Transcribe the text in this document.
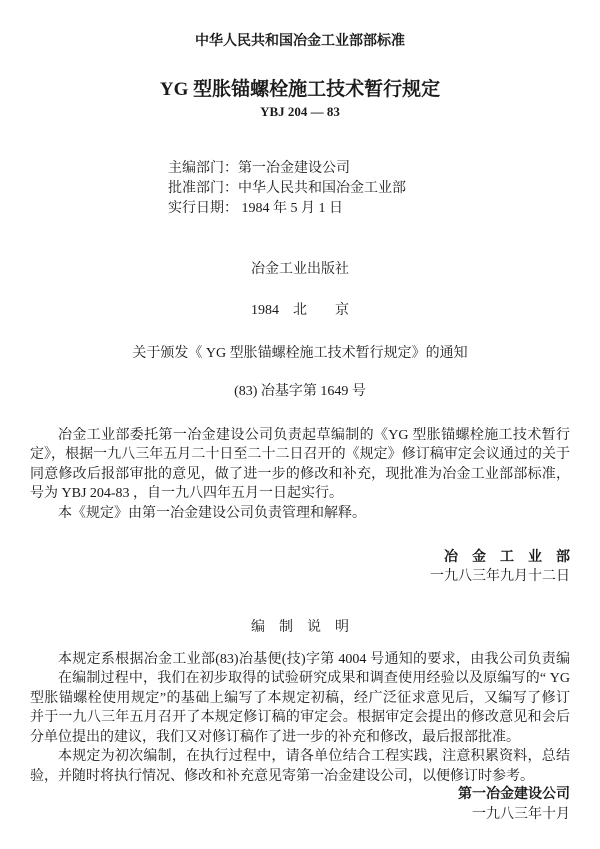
中华人民共和国冶金工业部部标准
YG 型胀锚螺栓施工技术暂行规定
YBJ 204 — 83
主编部门：第一冶金建设公司
批准部门：中华人民共和国冶金工业部
实行日期： 1984 年 5 月 1 日
冶金工业出版社
1984　北　　京
关于颁发《 YG 型胀锚螺栓施工技术暂行规定》的通知
(83) 冶基字第 1649 号
冶金工业部委托第一冶金建设公司负责起草编制的《YG 型胀锚螺栓施工技术暂行
定》，根据一九八三年五月二十日至二十二日召开的《规定》修订稿审定会议通过的关于
同意修改后报部审批的意见，做了进一步的修改和补充，现批准为冶金工业部部标准，
号为 YBJ 204-83 ，自一九八四年五月一日起实行。
本《规定》由第一冶金建设公司负责管理和解释。
冶　金　工　业　部
一九八三年九月十二日
编　制　说　明
本规定系根据冶金工业部(83)冶基便(技)字第 4004 号通知的要求，由我公司负责编
在编制过程中，我们在初步取得的试验研究成果和调查使用经验以及原编写的“ YG
型胀锚螺栓使用规定”的基础上编写了本规定初稿，经广泛征求意见后，又编写了修订
并于一九八三年五月召开了本规定修订稿的审定会。根据审定会提出的修改意见和会后
分单位提出的建议，我们又对修订稿作了进一步的补充和修改，最后报部批准。
本规定为初次编制，在执行过程中，请各单位结合工程实践，注意积累资料，总结
验，并随时将执行情况、修改和补充意见寄第一冶金建设公司，以便修订时参考。
第一冶金建设公司
一九八三年十月
